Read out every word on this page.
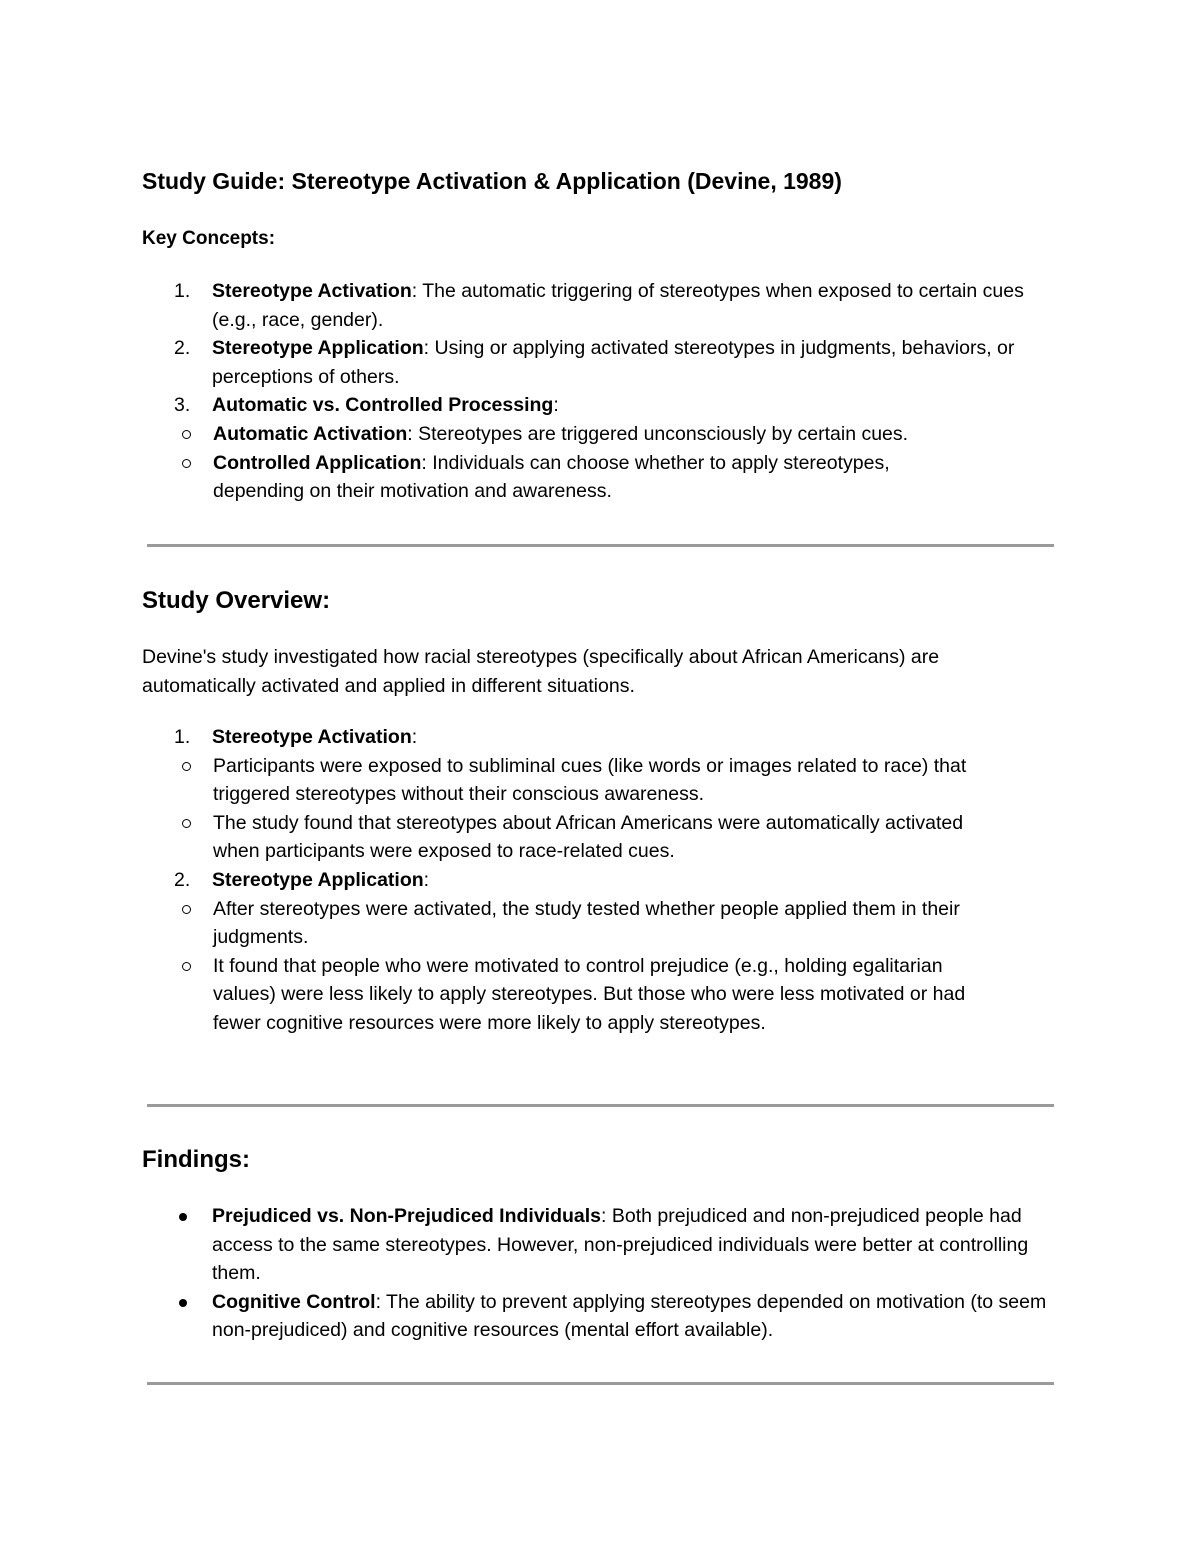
Study Guide: Stereotype Activation & Application (Devine, 1989)

Key Concepts:

1. Stereotype Activation: The automatic triggering of stereotypes when exposed to certain cues (e.g., race, gender).
2. Stereotype Application: Using or applying activated stereotypes in judgments, behaviors, or perceptions of others.
3. Automatic vs. Controlled Processing:
Automatic Activation: Stereotypes are triggered unconsciously by certain cues.
Controlled Application: Individuals can choose whether to apply stereotypes, depending on their motivation and awareness.
Study Overview:

Devine's study investigated how racial stereotypes (specifically about African Americans) are automatically activated and applied in different situations.

1. Stereotype Activation:
Participants were exposed to subliminal cues (like words or images related to race) that triggered stereotypes without their conscious awareness.
The study found that stereotypes about African Americans were automatically activated when participants were exposed to race-related cues.
2. Stereotype Application:
After stereotypes were activated, the study tested whether people applied them in their judgments.
It found that people who were motivated to control prejudice (e.g., holding egalitarian values) were less likely to apply stereotypes. But those who were less motivated or had fewer cognitive resources were more likely to apply stereotypes.
Findings:
Prejudiced vs. Non-Prejudiced Individuals: Both prejudiced and non-prejudiced people had access to the same stereotypes. However, non-prejudiced individuals were better at controlling them.
Cognitive Control: The ability to prevent applying stereotypes depended on motivation (to seem non-prejudiced) and cognitive resources (mental effort available).
